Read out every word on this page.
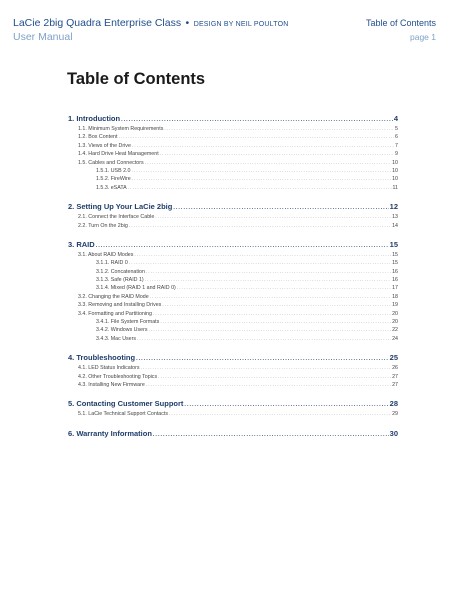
LaCie 2big Quadra Enterprise Class • DESIGN BY NEIL POULTON	Table of Contents
User Manual	page 1
Table of Contents
1. Introduction .....	4
1.1. Minimum System Requirements .....	5
1.2. Box Content .....	6
1.3. Views of the Drive .....	7
1.4. Hard Drive Heat Management .....	9
1.5. Cables and Connectors .....	10
1.5.1. USB 2.0 .....	10
1.5.2. FireWire .....	10
1.5.3. eSATA .....	11
2. Setting Up Your LaCie 2big .....	12
2.1. Connect the Interface Cable .....	13
2.2. Turn On the 2big .....	14
3. RAID .....	15
3.1. About RAID Modes .....	15
3.1.1. RAID 0 .....	15
3.1.2. Concatenation .....	16
3.1.3. Safe (RAID 1) .....	16
3.1.4. Mixed (RAID 1 and RAID 0) .....	17
3.2. Changing the RAID Mode .....	18
3.3. Removing and Installing Drives .....	19
3.4. Formatting and Partitioning .....	20
3.4.1. File System Formats .....	20
3.4.2. Windows Users .....	22
3.4.3. Mac Users .....	24
4. Troubleshooting .....	25
4.1. LED Status Indicators .....	26
4.2. Other Troubleshooting Topics .....	27
4.3. Installing New Firmware .....	27
5. Contacting Customer Support .....	28
5.1. LaCie Technical Support Contacts .....	29
6. Warranty Information .....	30
